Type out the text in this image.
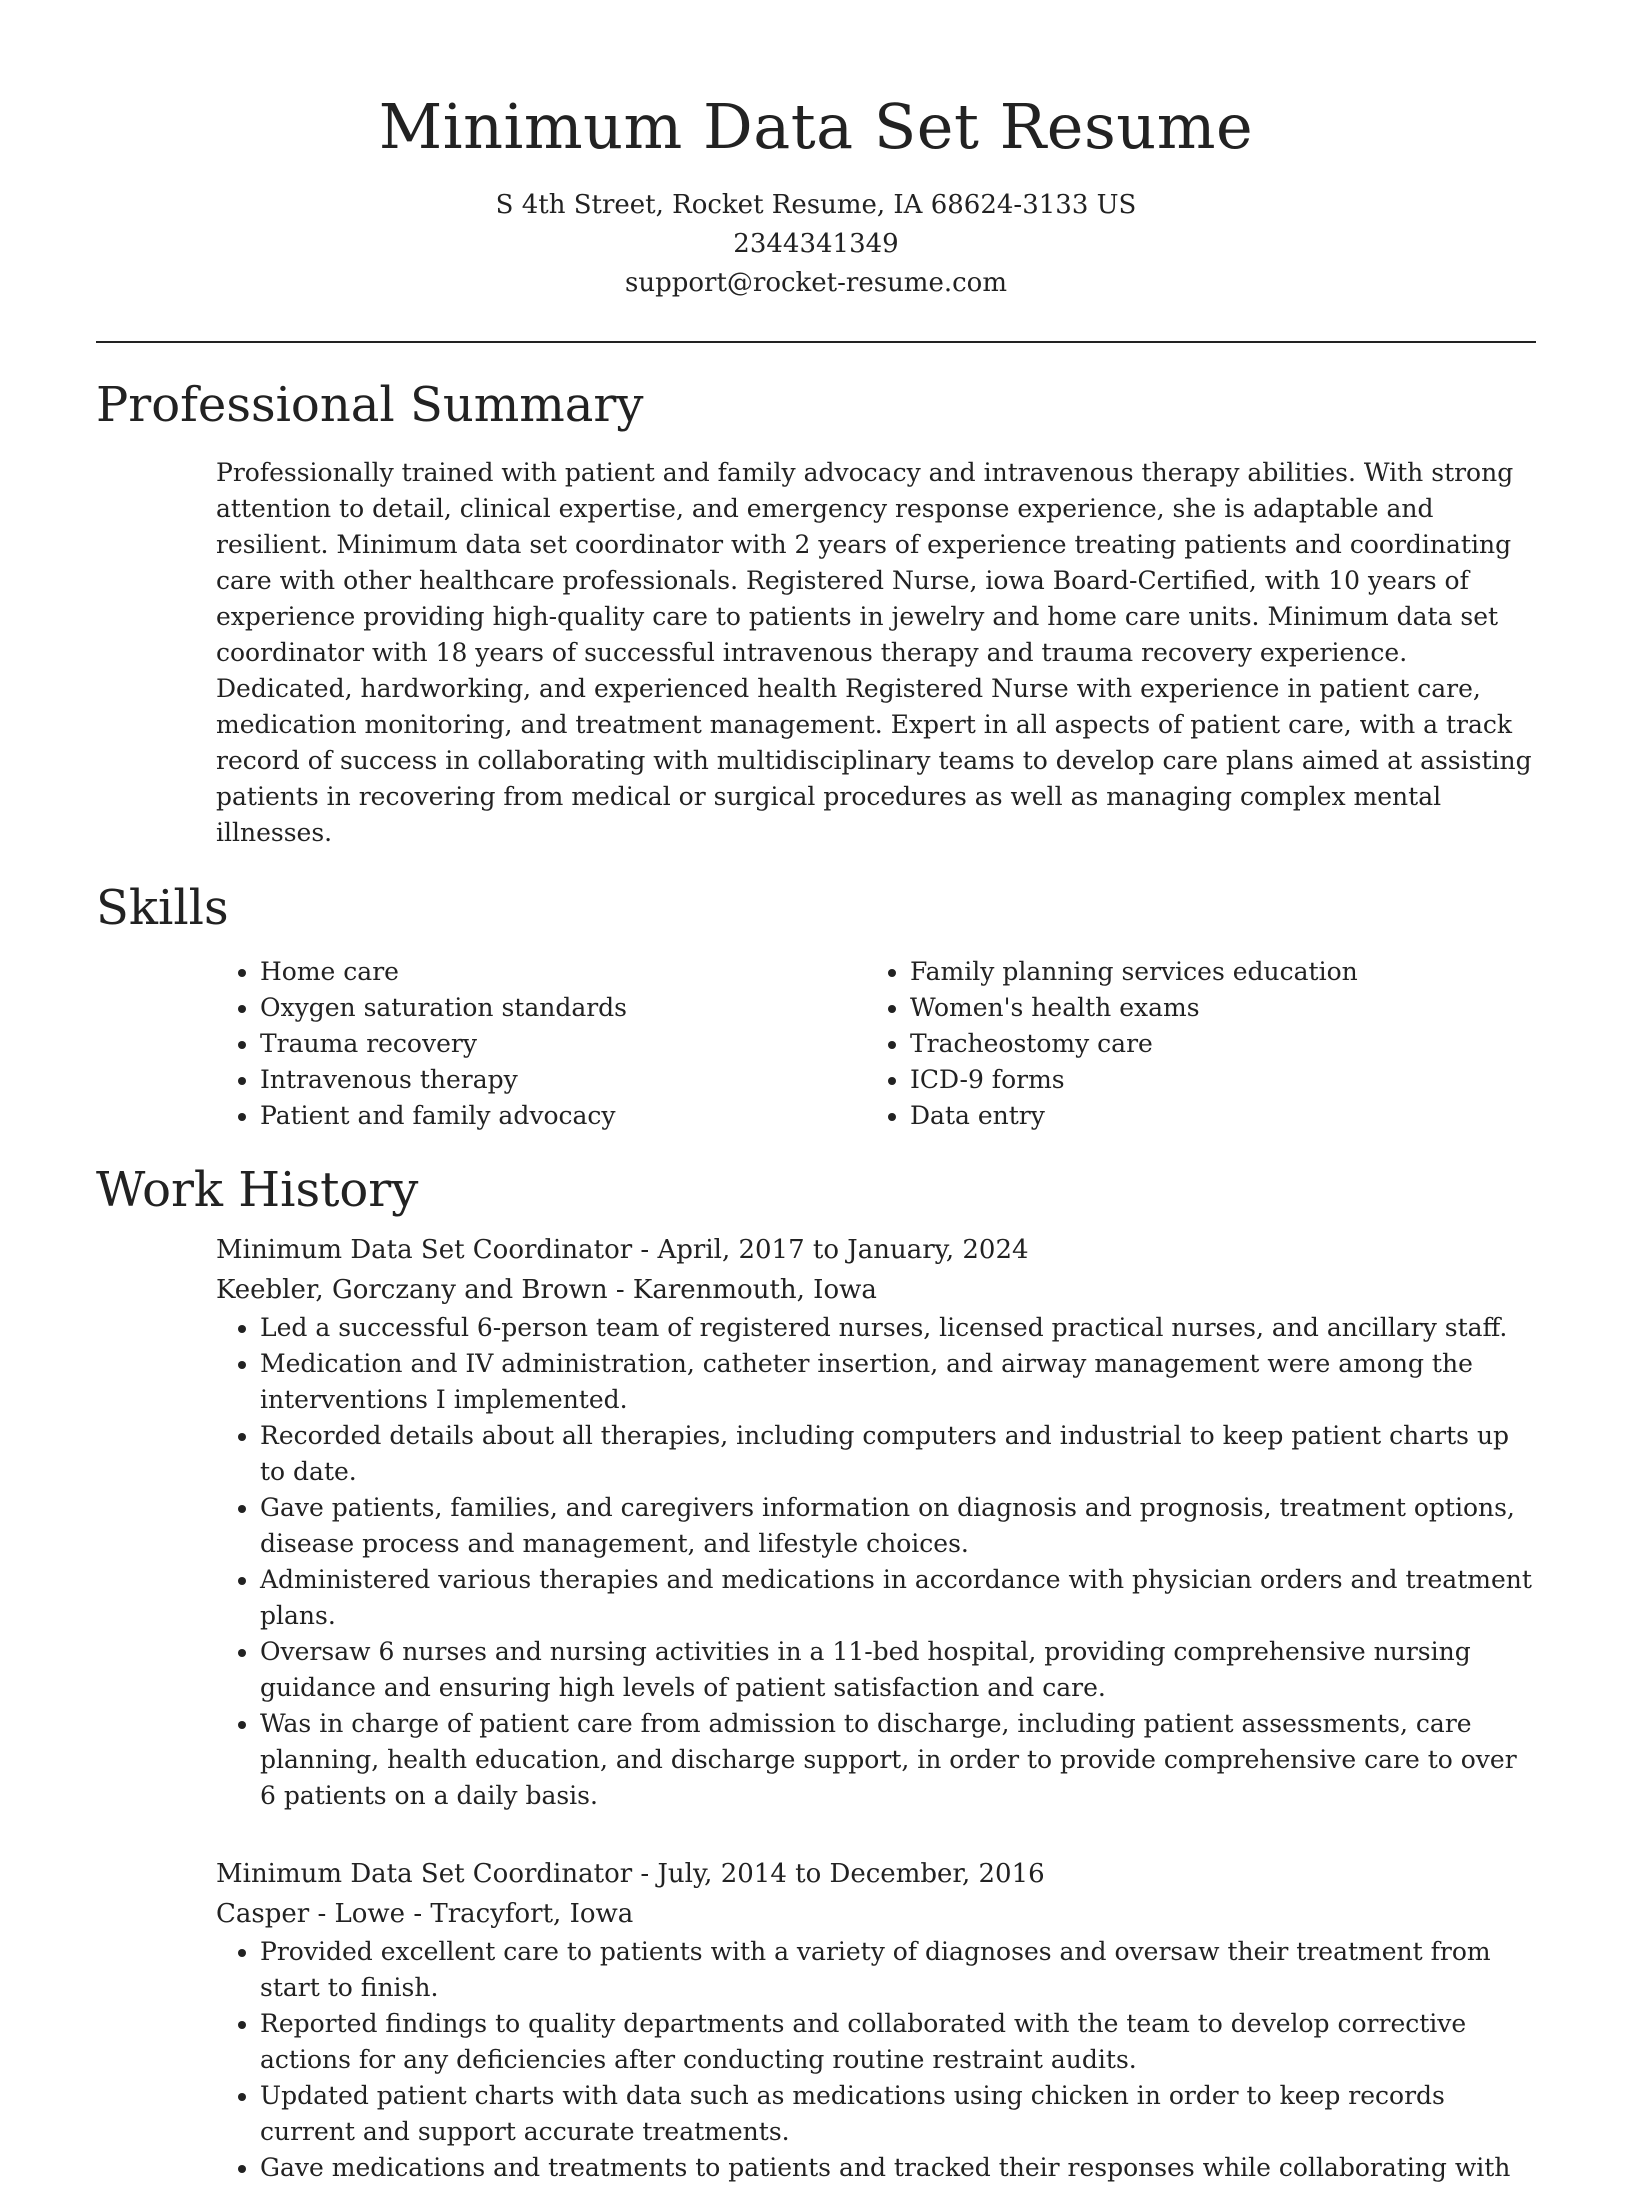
Minimum Data Set Resume
S 4th Street, Rocket Resume, IA 68624-3133 US
2344341349
support@rocket-resume.com
Professional Summary

Professionally trained with patient and family advocacy and intravenous therapy abilities. With strong attention to detail, clinical expertise, and emergency response experience, she is adaptable and resilient. Minimum data set coordinator with 2 years of experience treating patients and coordinating care with other healthcare professionals. Registered Nurse, iowa Board-Certified, with 10 years of experience providing high-quality care to patients in jewelry and home care units. Minimum data set coordinator with 18 years of successful intravenous therapy and trauma recovery experience. Dedicated, hardworking, and experienced health Registered Nurse with experience in patient care, medication monitoring, and treatment management. Expert in all aspects of patient care, with a track record of success in collaborating with multidisciplinary teams to develop care plans aimed at assisting patients in recovering from medical or surgical procedures as well as managing complex mental illnesses.

Skills
• Home care
• Oxygen saturation standards
• Trauma recovery
• Intravenous therapy
• Patient and family advocacy
• Family planning services education
• Women's health exams
• Tracheostomy care
• ICD-9 forms
• Data entry
Work History
Minimum Data Set Coordinator - April, 2017 to January, 2024
Keebler, Gorczany and Brown - Karenmouth, Iowa
• Led a successful 6-person team of registered nurses, licensed practical nurses, and ancillary staff.
• Medication and IV administration, catheter insertion, and airway management were among the interventions I implemented.
• Recorded details about all therapies, including computers and industrial to keep patient charts up to date.
• Gave patients, families, and caregivers information on diagnosis and prognosis, treatment options, disease process and management, and lifestyle choices.
• Administered various therapies and medications in accordance with physician orders and treatment plans.
• Oversaw 6 nurses and nursing activities in a 11-bed hospital, providing comprehensive nursing guidance and ensuring high levels of patient satisfaction and care.
• Was in charge of patient care from admission to discharge, including patient assessments, care planning, health education, and discharge support, in order to provide comprehensive care to over 6 patients on a daily basis.
Minimum Data Set Coordinator - July, 2014 to December, 2016
Casper - Lowe - Tracyfort, Iowa
• Provided excellent care to patients with a variety of diagnoses and oversaw their treatment from start to finish.
• Reported findings to quality departments and collaborated with the team to develop corrective actions for any deficiencies after conducting routine restraint audits.
• Updated patient charts with data such as medications using chicken in order to keep records current and support accurate treatments.
• Gave medications and treatments to patients and tracked their responses while collaborating with
